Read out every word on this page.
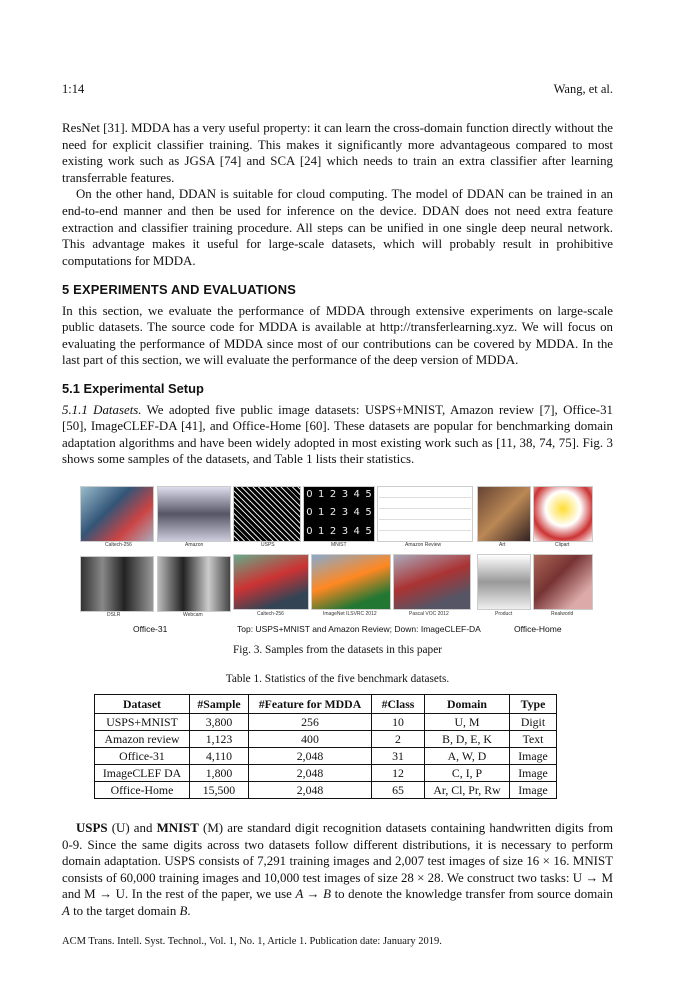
1:14	Wang, et al.

ResNet [31]. MDDA has a very useful property: it can learn the cross-domain function directly without the need for explicit classifier training. This makes it significantly more advantageous compared to most existing work such as JGSA [74] and SCA [24] which needs to train an extra classifier after learning transferrable features.

On the other hand, DDAN is suitable for cloud computing. The model of DDAN can be trained in an end-to-end manner and then be used for inference on the device. DDAN does not need extra feature extraction and classifier training procedure. All steps can be unified in one single deep neural network. This advantage makes it useful for large-scale datasets, which will probably result in prohibitive computations for MDDA.

5 EXPERIMENTS AND EVALUATIONS

In this section, we evaluate the performance of MDDA through extensive experiments on large-scale public datasets. The source code for MDDA is available at http://transferlearning.xyz. We will focus on evaluating the performance of MDDA since most of our contributions can be covered by MDDA. In the last part of this section, we will evaluate the performance of the deep version of MDDA.

5.1 Experimental Setup

5.1.1 Datasets. We adopted five public image datasets: USPS+MNIST, Amazon review [7], Office-31 [50], ImageCLEF-DA [41], and Office-Home [60]. These datasets are popular for benchmarking domain adaptation algorithms and have been widely adopted in most existing work such as [11, 38, 74, 75]. Fig. 3 shows some samples of the datasets, and Table 1 lists their statistics.

Caltech-256	Amazon
DSLR	Webcam
0 1 2 3 4 5
0 1 2 3 4 5
0 1 2 3 4 5
USPS	MNIST	Amazon Review
Caltech-256	ImageNet ILSVRC 2012	Pascal VOC 2012
Art	Clipart
Product	Realworld
Office-31	Top: USPS+MNIST and Amazon Review; Down: ImageCLEF-DA	Office-Home
Fig. 3. Samples from the datasets in this paper
Table 1. Statistics of the five benchmark datasets.
Dataset	#Sample	#Feature for MDDA	#Class	Domain	Type
USPS+MNIST	3,800	256	10	U, M	Digit
Amazon review	1,123	400	2	B, D, E, K	Text
Office-31	4,110	2,048	31	A, W, D	Image
ImageCLEF DA	1,800	2,048	12	C, I, P	Image
Office-Home	15,500	2,048	65	Ar, Cl, Pr, Rw	Image

USPS (U) and MNIST (M) are standard digit recognition datasets containing handwritten digits from 0-9. Since the same digits across two datasets follow different distributions, it is necessary to perform domain adaptation. USPS consists of 7,291 training images and 2,007 test images of size 16 × 16. MNIST consists of 60,000 training images and 10,000 test images of size 28 × 28. We construct two tasks: U → M and M → U. In the rest of the paper, we use A → B to denote the knowledge transfer from source domain A to the target domain B.

ACM Trans. Intell. Syst. Technol., Vol. 1, No. 1, Article 1. Publication date: January 2019.
